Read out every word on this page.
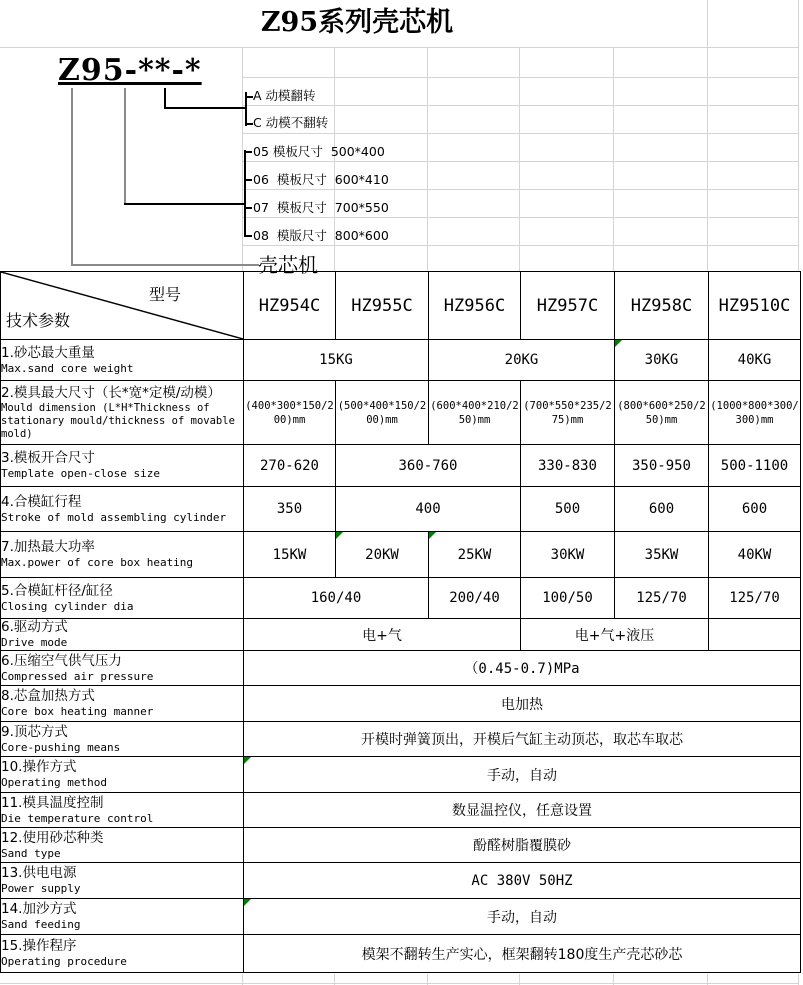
Z95系列壳芯机
Z95-**-*
A 动模翻转
C 动模不翻转
05 模板尺寸  500*400
06  模板尺寸  600*410
07  模板尺寸  700*550
08  模版尺寸  800*600
壳芯机
型号
技术参数	HZ954C	HZ955C	HZ956C	HZ957C	HZ958C	HZ9510C

1.砂芯最大重量
Max.sand core weight	15KG		20KG		30KG	40KG

2.模具最大尺寸（长*宽*定模/动模）
Mould dimension (L*H*Thickness of stationary mould/thickness of movable mold)	(400*300*150/200)mm	(500*400*150/200)mm	(600*400*210/250)mm	(700*550*235/275)mm	(800*600*250/250)mm	(1000*800*300/300)mm

3.模板开合尺寸
Template open-close size	270-620	360-760		330-830	350-950	500-1100

4.合模缸行程
Stroke of mold assembling cylinder	350	400		500	600	600

7.加热最大功率
Max.power of core box heating	15KW	20KW	25KW	30KW	35KW	40KW

5.合模缸杆径/缸径
Closing cylinder dia	160/40		200/40	100/50	125/70	125/70

6.驱动方式
Drive mode	电+气			电+气+液压		

6.压缩空气供气压力
Compressed air pressure	（0.45-0.7)MPa					

8.芯盒加热方式
Core box heating manner	电加热					

9.顶芯方式
Core-pushing means	开模时弹簧顶出，开模后气缸主动顶芯，取芯车取芯					

10.操作方式
Operating method	手动，自动					

11.模具温度控制
Die temperature control	数显温控仪，任意设置					

12.使用砂芯种类
Sand type	酚醛树脂覆膜砂					

13.供电电源
Power supply	AC 380V 50HZ					

14.加沙方式
Sand feeding	手动，自动					

15.操作程序
Operating procedure	模架不翻转生产实心，框架翻转180度生产壳芯砂芯					
